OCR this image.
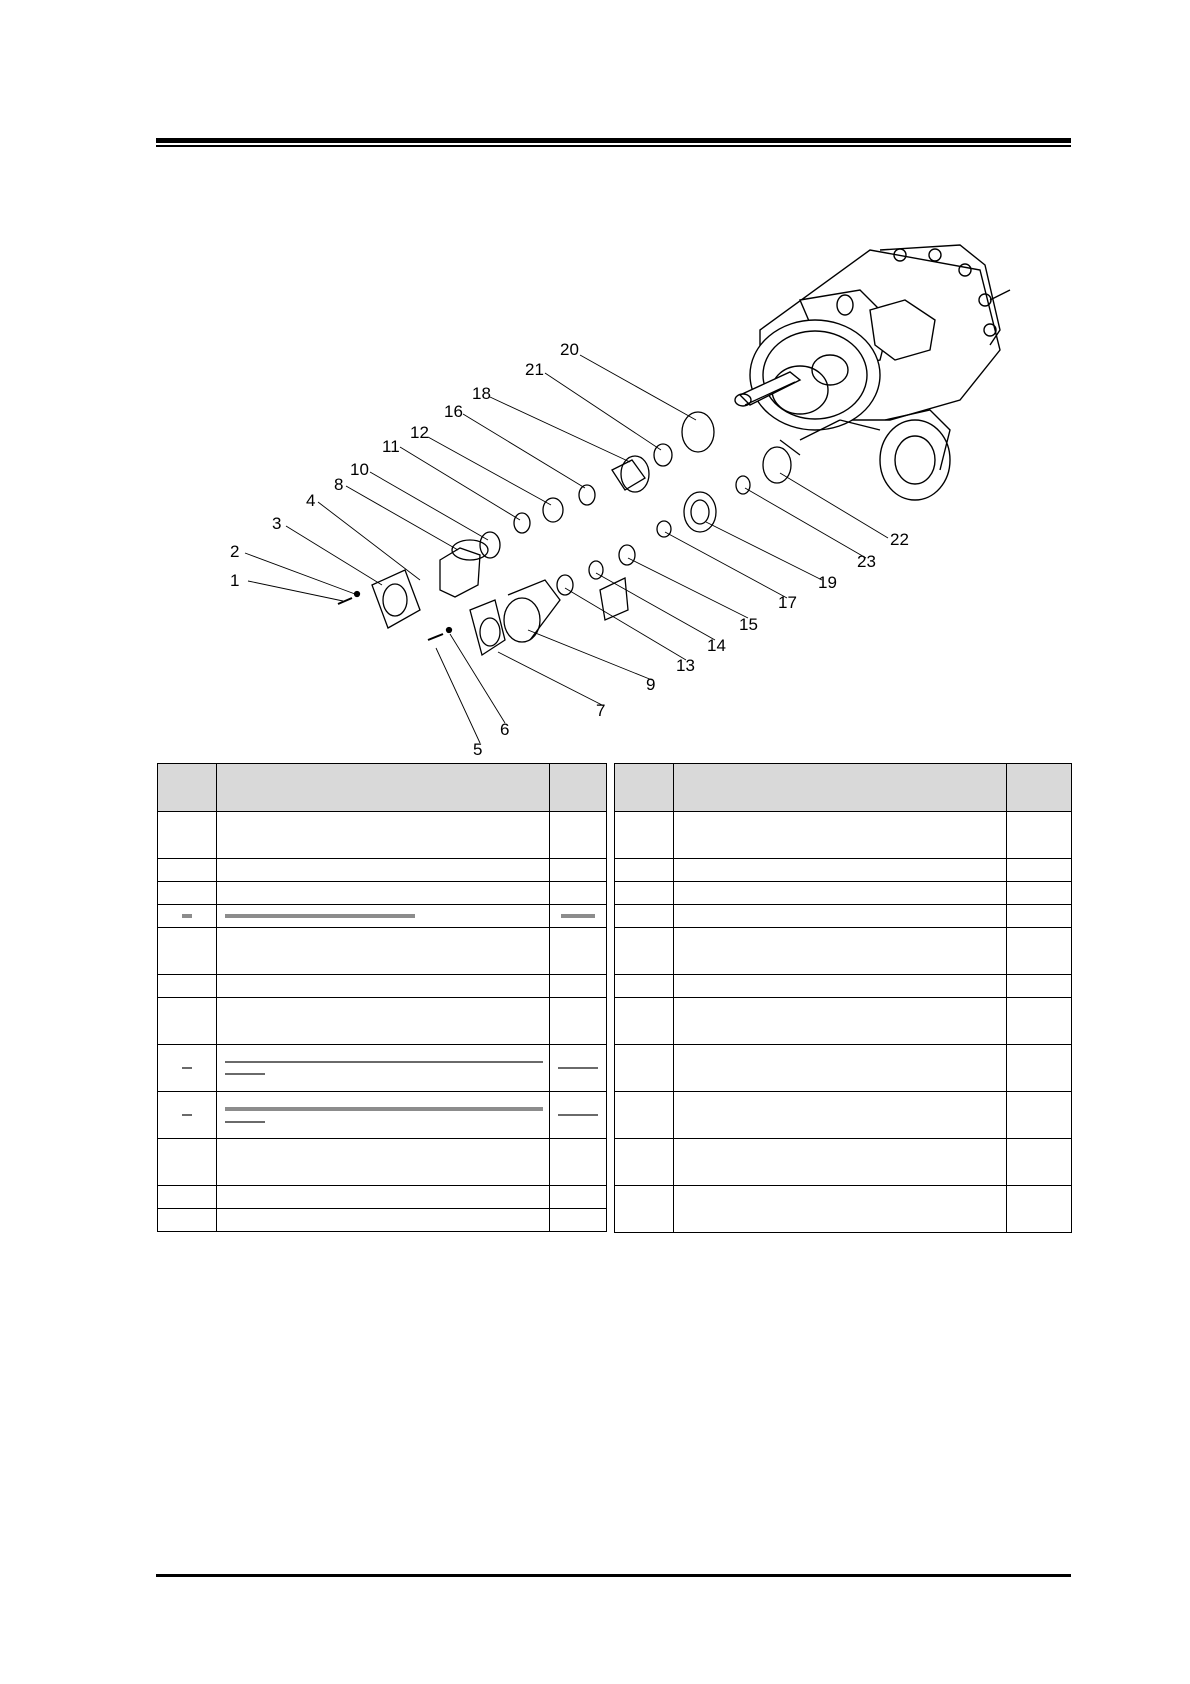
1
2
3
4
8
10
11
12
16
18
21
20
22
23
19
17
15
14
13
9
7
6
5
